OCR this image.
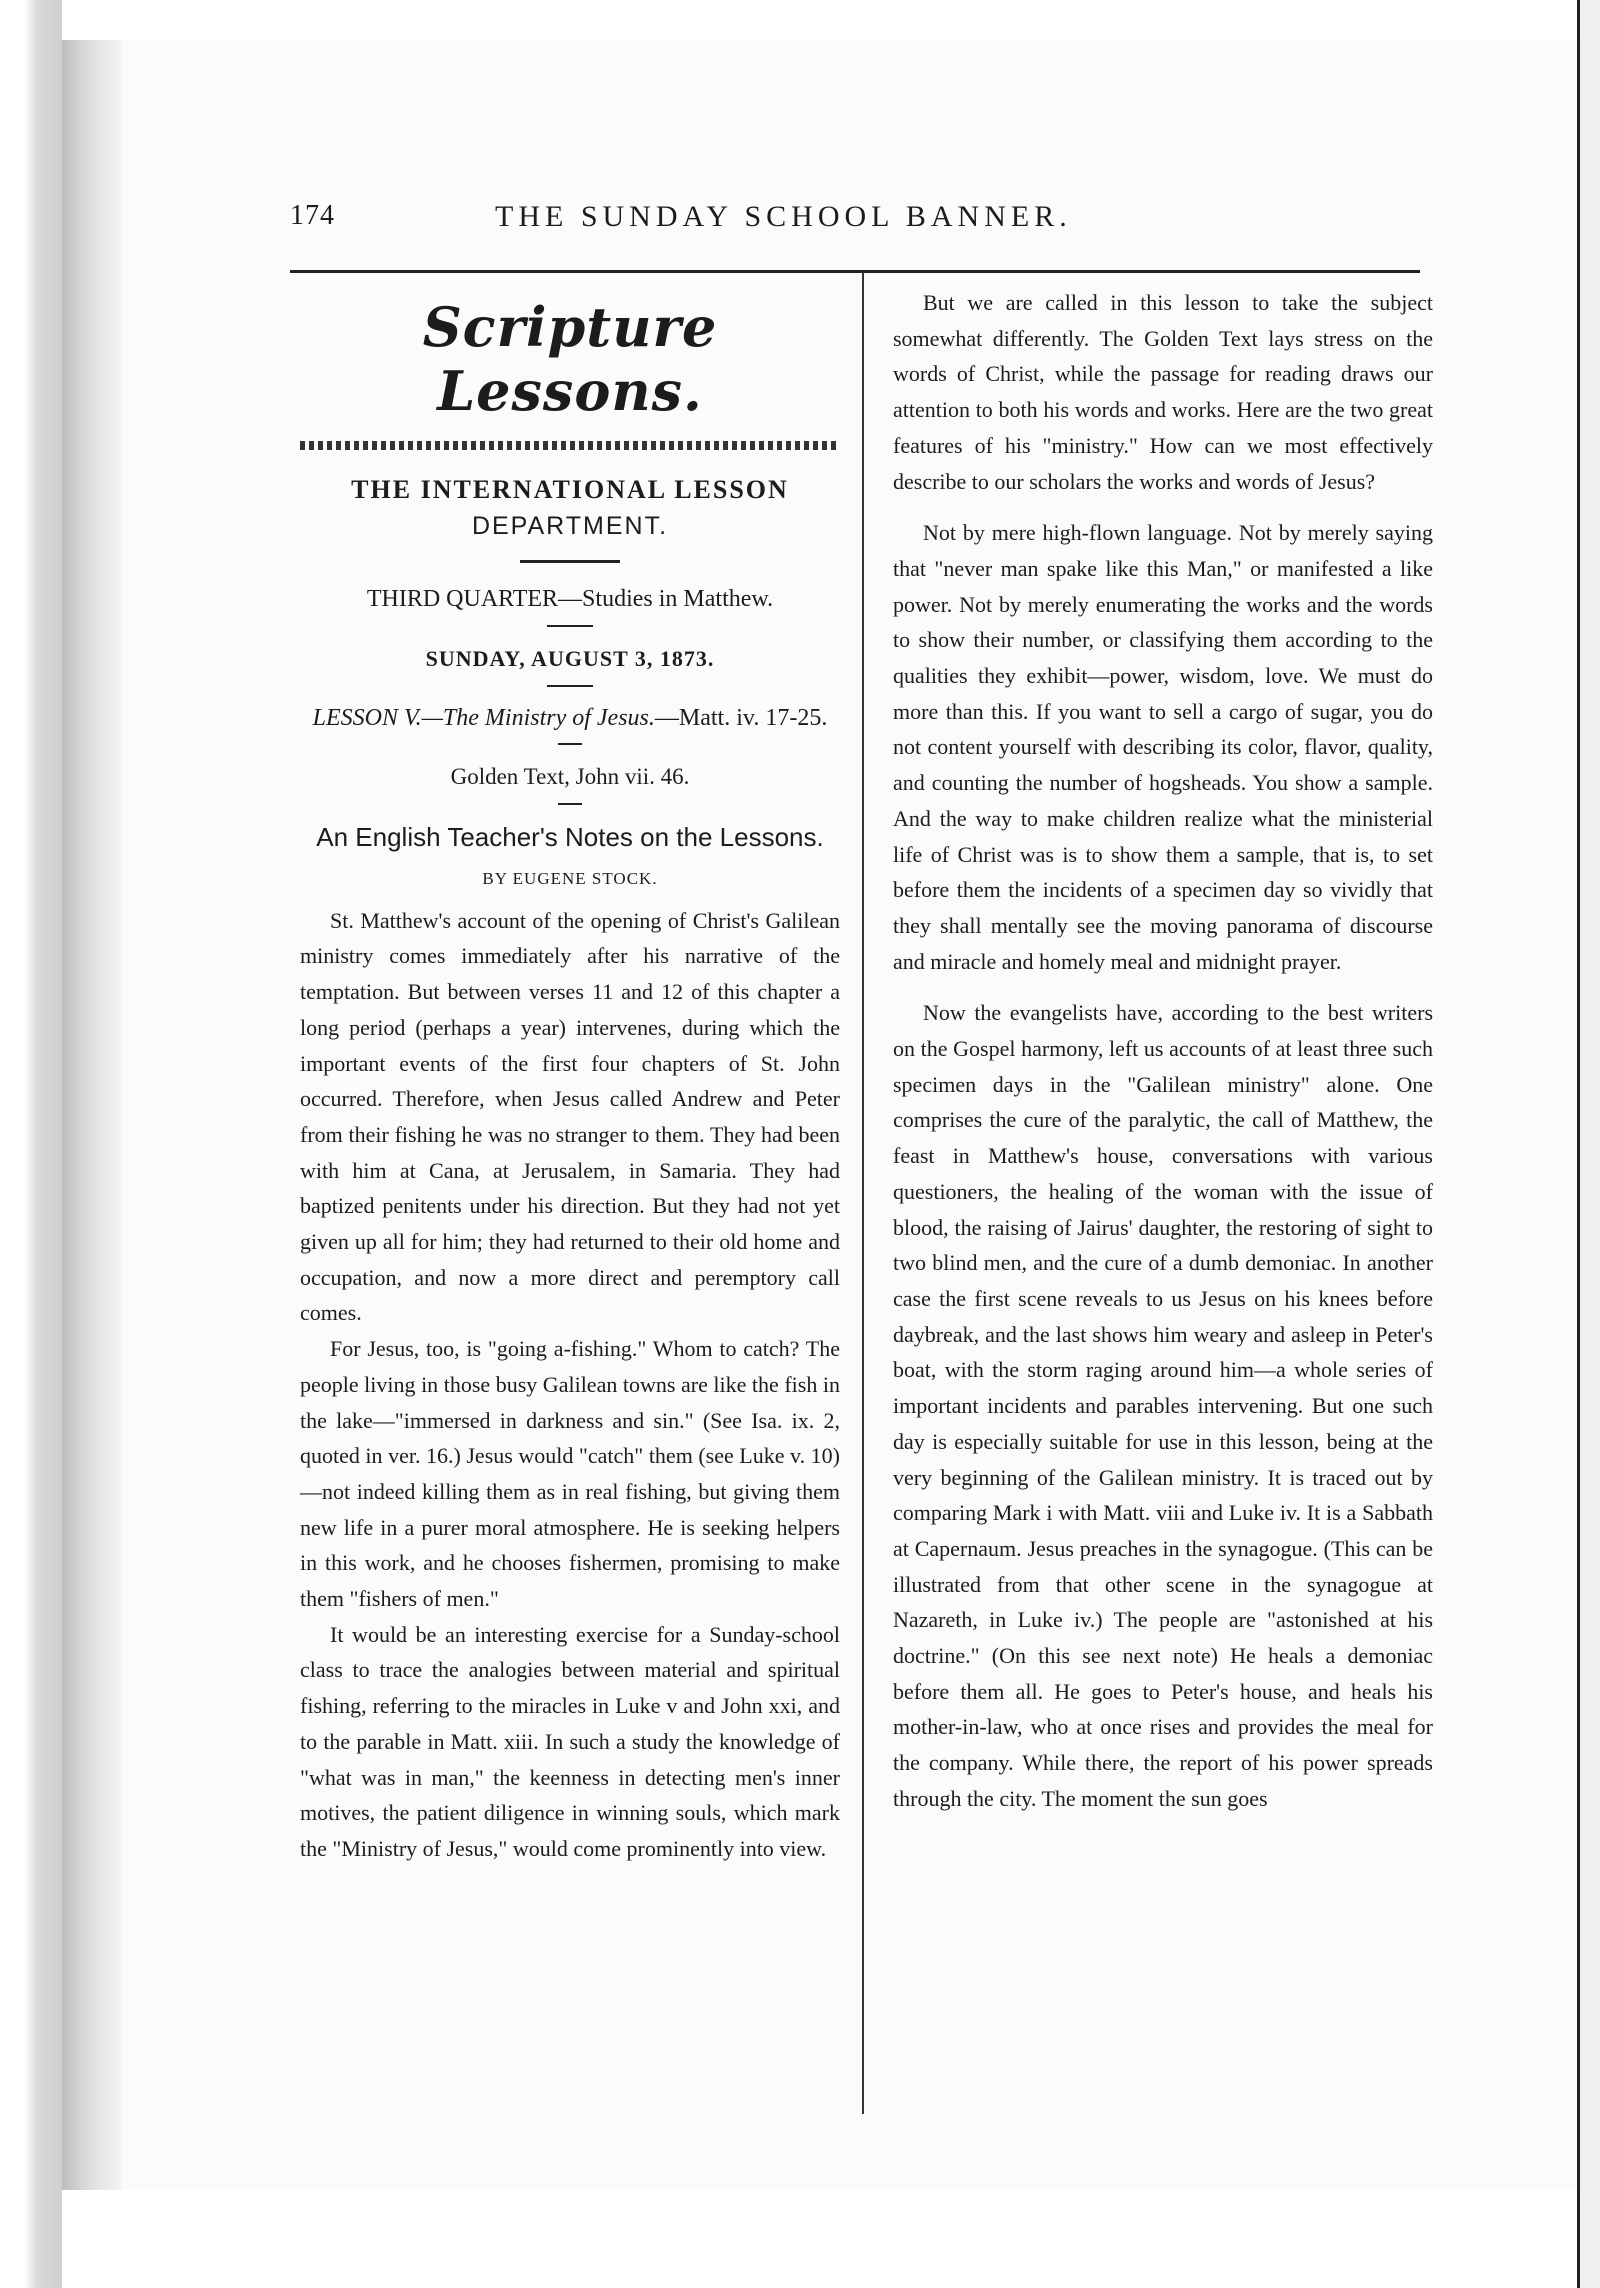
174	THE SUNDAY SCHOOL BANNER.
Scripture Lessons.
THE INTERNATIONAL LESSON
DEPARTMENT.
THIRD QUARTER—Studies in Matthew.
SUNDAY, AUGUST 3, 1873.
LESSON V.—The Ministry of Jesus.—Matt. iv. 17-25.
Golden Text, John vii. 46.
An English Teacher's Notes on the Lessons.
BY EUGENE STOCK.

St. Matthew's account of the opening of Christ's Galilean ministry comes immediately after his narrative of the temptation. But between verses 11 and 12 of this chapter a long period (perhaps a year) intervenes, during which the important events of the first four chapters of St. John occurred. Therefore, when Jesus called Andrew and Peter from their fishing he was no stranger to them. They had been with him at Cana, at Jerusalem, in Samaria. They had baptized penitents under his direction. But they had not yet given up all for him; they had returned to their old home and occupation, and now a more direct and peremptory call comes.

For Jesus, too, is "going a-fishing." Whom to catch? The people living in those busy Galilean towns are like the fish in the lake—"immersed in darkness and sin." (See Isa. ix. 2, quoted in ver. 16.) Jesus would "catch" them (see Luke v. 10)—not indeed killing them as in real fishing, but giving them new life in a purer moral atmosphere. He is seeking helpers in this work, and he chooses fishermen, promising to make them "fishers of men."

It would be an interesting exercise for a Sunday-school class to trace the analogies between material and spiritual fishing, referring to the miracles in Luke v and John xxi, and to the parable in Matt. xiii. In such a study the knowledge of "what was in man," the keenness in detecting men's inner motives, the patient diligence in winning souls, which mark the "Ministry of Jesus," would come prominently into view.

But we are called in this lesson to take the subject somewhat differently. The Golden Text lays stress on the words of Christ, while the passage for reading draws our attention to both his words and works. Here are the two great features of his "ministry." How can we most effectively describe to our scholars the works and words of Jesus?

Not by mere high-flown language. Not by merely saying that "never man spake like this Man," or manifested a like power. Not by merely enumerating the works and the words to show their number, or classifying them according to the qualities they exhibit—power, wisdom, love. We must do more than this. If you want to sell a cargo of sugar, you do not content yourself with describing its color, flavor, quality, and counting the number of hogsheads. You show a sample. And the way to make children realize what the ministerial life of Christ was is to show them a sample, that is, to set before them the incidents of a specimen day so vividly that they shall mentally see the moving panorama of discourse and miracle and homely meal and midnight prayer.

Now the evangelists have, according to the best writers on the Gospel harmony, left us accounts of at least three such specimen days in the "Galilean ministry" alone. One comprises the cure of the paralytic, the call of Matthew, the feast in Matthew's house, conversations with various questioners, the healing of the woman with the issue of blood, the raising of Jairus' daughter, the restoring of sight to two blind men, and the cure of a dumb demoniac. In another case the first scene reveals to us Jesus on his knees before daybreak, and the last shows him weary and asleep in Peter's boat, with the storm raging around him—a whole series of important incidents and parables intervening. But one such day is especially suitable for use in this lesson, being at the very beginning of the Galilean ministry. It is traced out by comparing Mark i with Matt. viii and Luke iv. It is a Sabbath at Capernaum. Jesus preaches in the synagogue. (This can be illustrated from that other scene in the synagogue at Nazareth, in Luke iv.) The people are "astonished at his doctrine." (On this see next note) He heals a demoniac before them all. He goes to Peter's house, and heals his mother-in-law, who at once rises and provides the meal for the company. While there, the report of his power spreads through the city. The moment the sun goes
